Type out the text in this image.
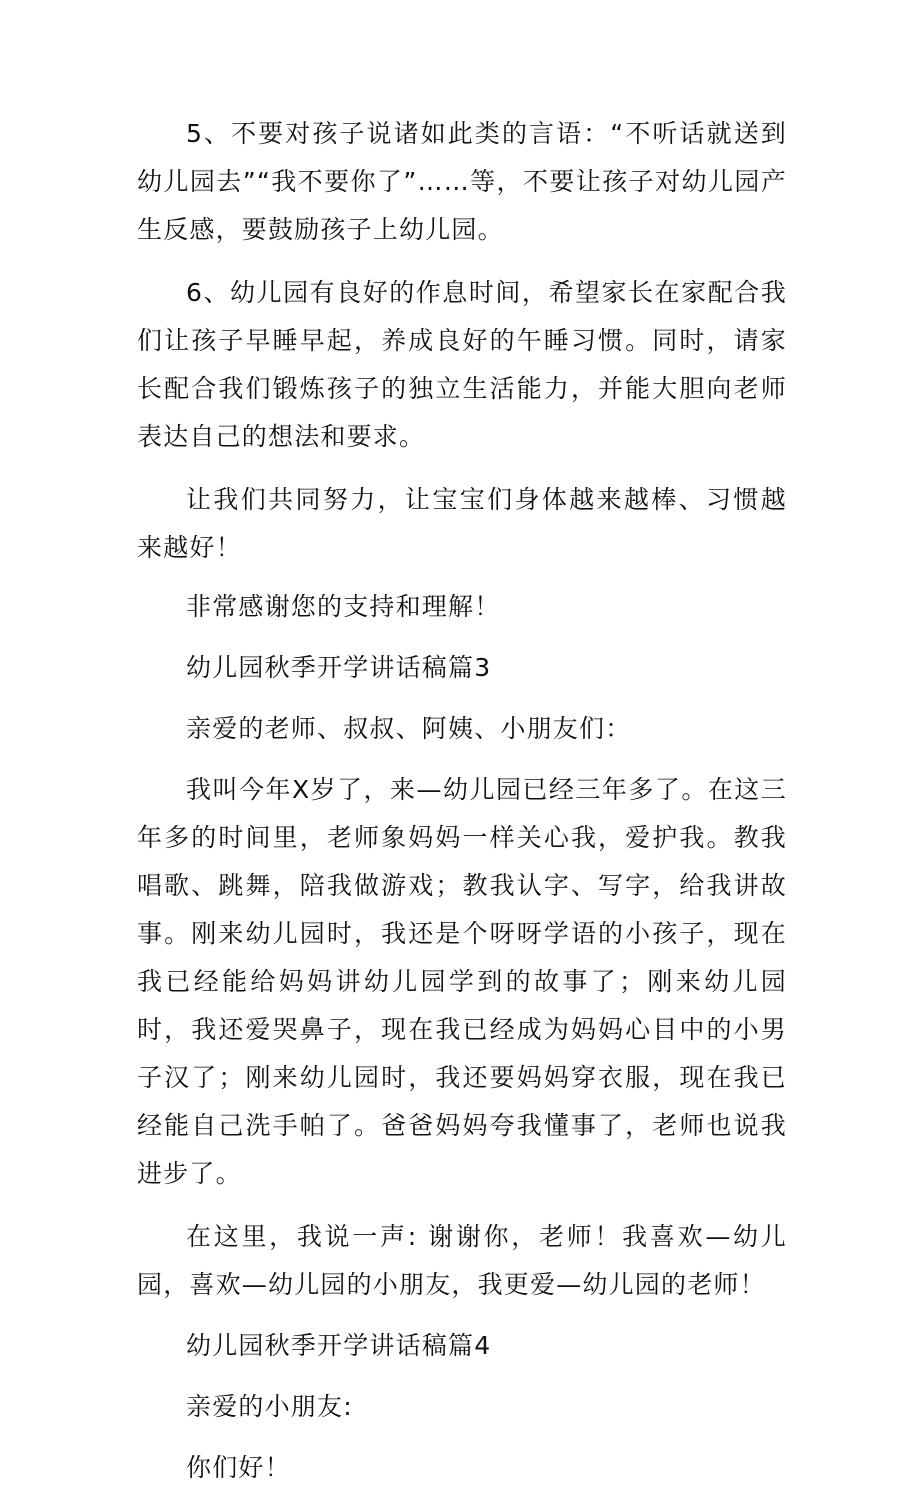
5、不要对孩子说诸如此类的言语：“不听话就送到幼儿园去”“我不要你了”……等，不要让孩子对幼儿园产生反感，要鼓励孩子上幼儿园。

6、幼儿园有良好的作息时间，希望家长在家配合我们让孩子早睡早起，养成良好的午睡习惯。同时，请家长配合我们锻炼孩子的独立生活能力，并能大胆向老师表达自己的想法和要求。

让我们共同努力，让宝宝们身体越来越棒、习惯越来越好！

非常感谢您的支持和理解！

幼儿园秋季开学讲话稿篇3

亲爱的老师、叔叔、阿姨、小朋友们：

我叫今年X岁了，来—幼儿园已经三年多了。在这三年多的时间里，老师象妈妈一样关心我，爱护我。教我唱歌、跳舞，陪我做游戏；教我认字、写字，给我讲故事。刚来幼儿园时，我还是个呀呀学语的小孩子，现在我已经能给妈妈讲幼儿园学到的故事了；刚来幼儿园时，我还爱哭鼻子，现在我已经成为妈妈心目中的小男子汉了；刚来幼儿园时，我还要妈妈穿衣服，现在我已经能自己洗手帕了。爸爸妈妈夸我懂事了，老师也说我进步了。

在这里，我说一声: 谢谢你，老师！我喜欢—幼儿园，喜欢—幼儿园的小朋友，我更爱—幼儿园的老师！

幼儿园秋季开学讲话稿篇4

亲爱的小朋友:

你们好！
